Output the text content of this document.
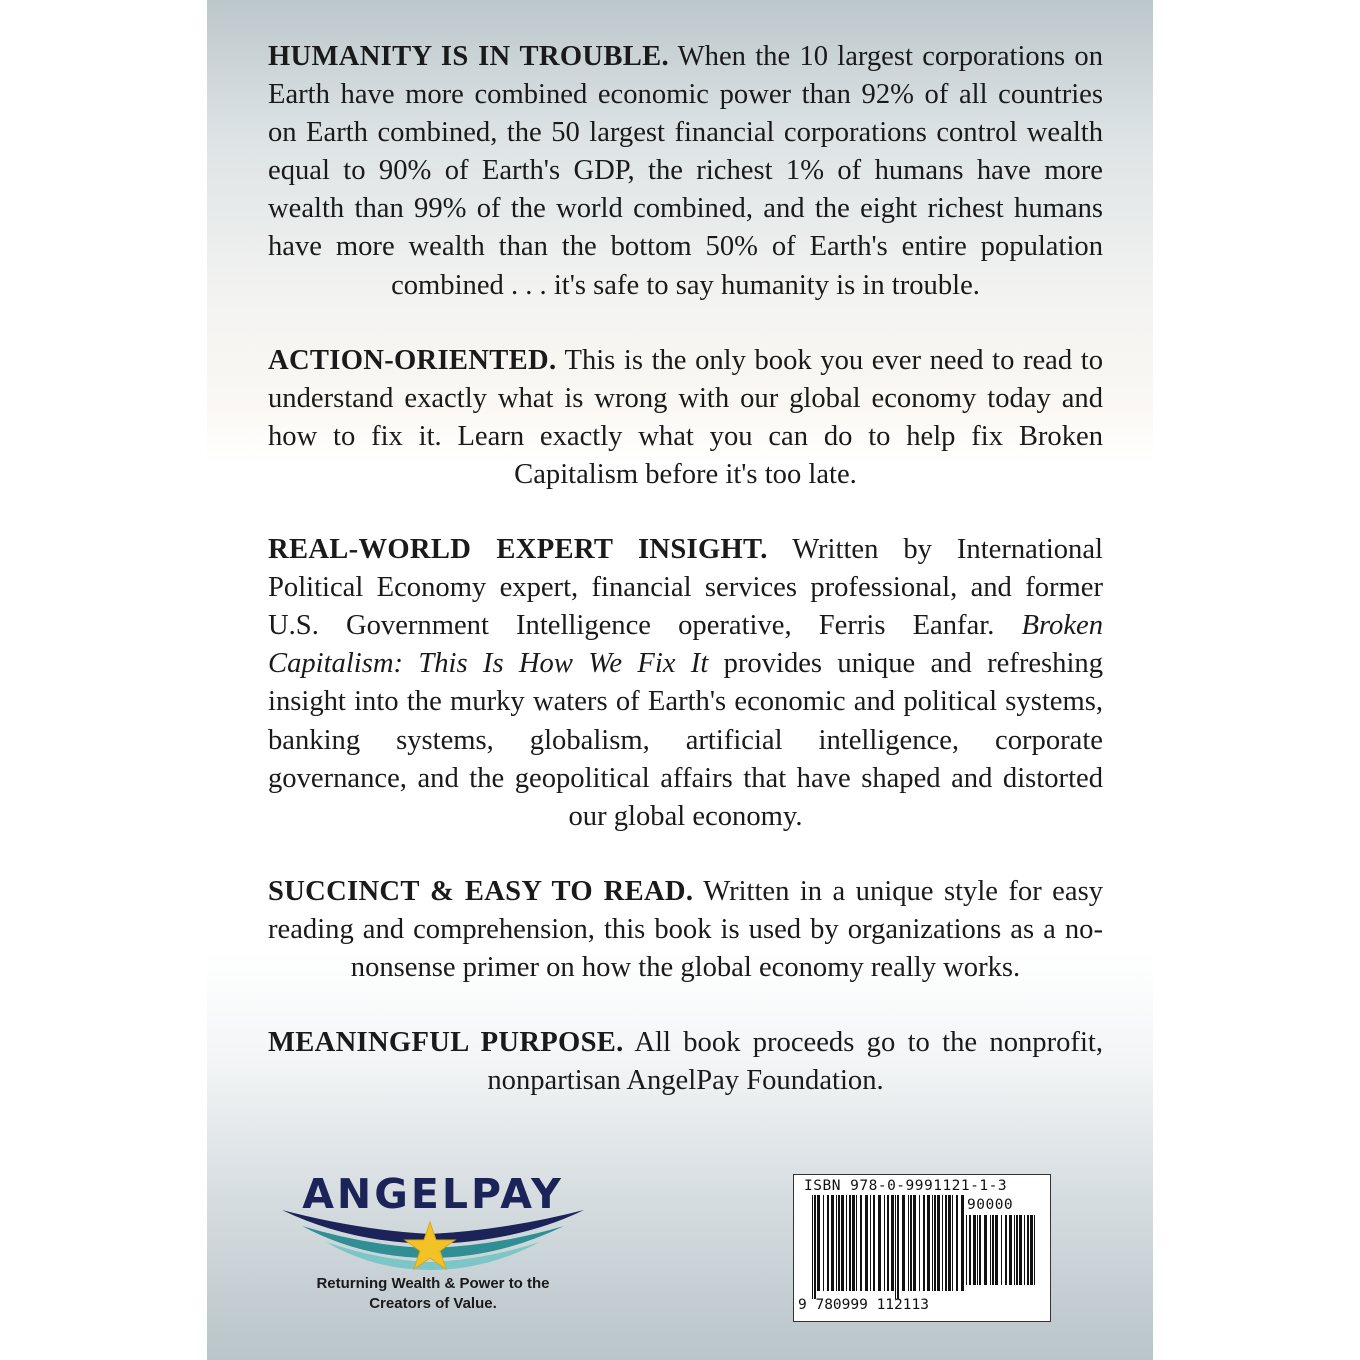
HUMANITY IS IN TROUBLE. When the 10 largest corporations on Earth have more combined economic power than 92% of all countries on Earth combined, the 50 largest financial corporations control wealth equal to 90% of Earth's GDP, the richest 1% of humans have more wealth than 99% of the world combined, and the eight richest humans have more wealth than the bottom 50% of Earth's entire population combined . . . it's safe to say humanity is in trouble.

ACTION-ORIENTED. This is the only book you ever need to read to understand exactly what is wrong with our global economy today and how to fix it. Learn exactly what you can do to help fix Broken Capitalism before it's too late.

REAL-WORLD EXPERT INSIGHT. Written by International Political Economy expert, financial services professional, and former U.S. Government Intelligence operative, Ferris Eanfar. Broken Capitalism: This Is How We Fix It provides unique and refreshing insight into the murky waters of Earth's economic and political systems, banking systems, globalism, artificial intelligence, corporate governance, and the geopolitical affairs that have shaped and distorted our global economy.

SUCCINCT & EASY TO READ. Written in a unique style for easy reading and comprehension, this book is used by organizations as a no-nonsense primer on how the global economy really works.

MEANINGFUL PURPOSE. All book proceeds go to the nonprofit, nonpartisan AngelPay Foundation.

ANGELPAY
Returning Wealth & Power to the
Creators of Value.
ISBN 978-0-9991121-1-3
90000
9 780999 112113
